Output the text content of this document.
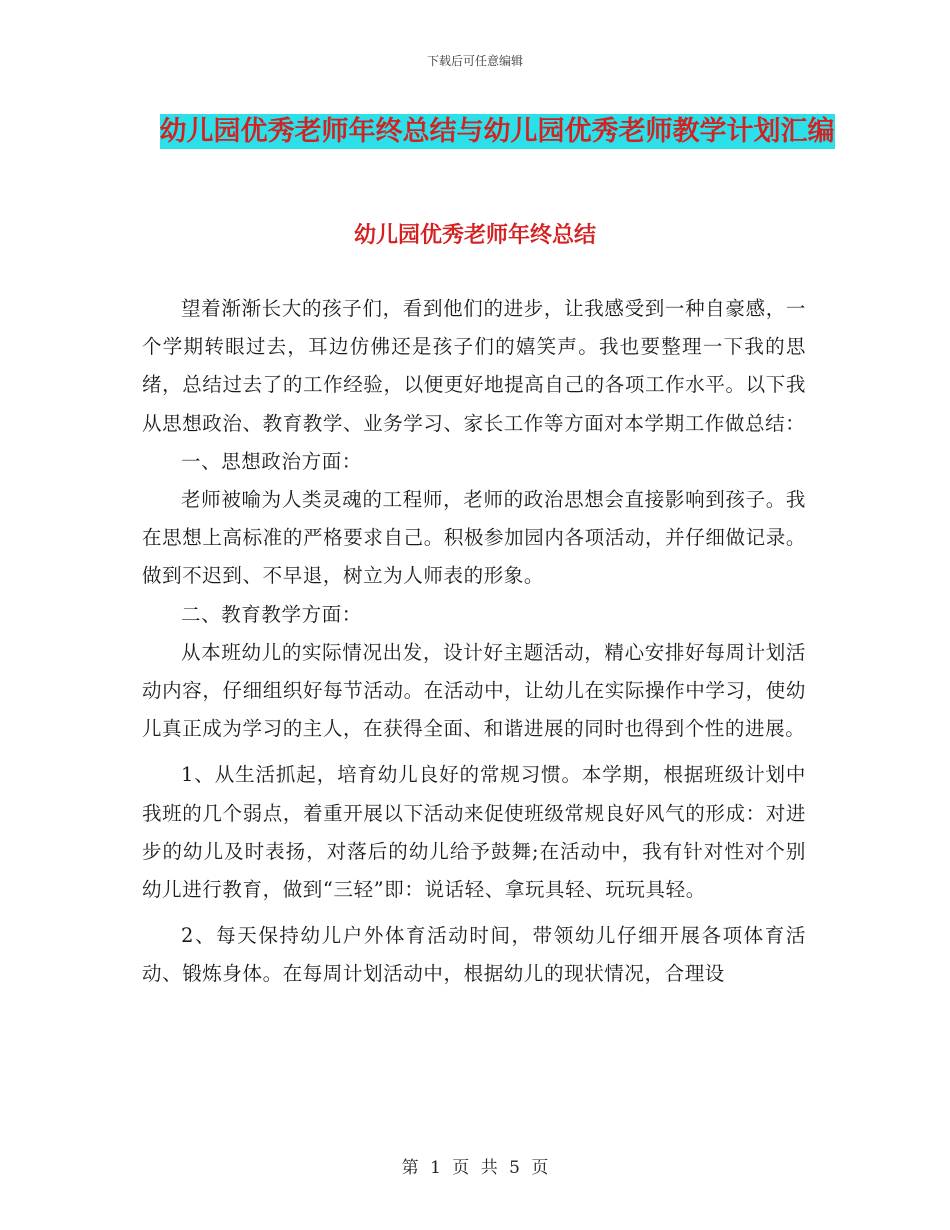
下载后可任意编辑
幼儿园优秀老师年终总结与幼儿园优秀老师教学计划汇编
幼儿园优秀老师年终总结

望着渐渐长大的孩子们，看到他们的进步，让我感受到一种自豪感，一个学期转眼过去，耳边仿佛还是孩子们的嬉笑声。我也要整理一下我的思绪，总结过去了的工作经验，以便更好地提高自己的各项工作水平。以下我从思想政治、教育教学、业务学习、家长工作等方面对本学期工作做总结：

一、思想政治方面：

老师被喻为人类灵魂的工程师，老师的政治思想会直接影响到孩子。我在思想上高标准的严格要求自己。积极参加园内各项活动，并仔细做记录。做到不迟到、不早退，树立为人师表的形象。

二、教育教学方面：

从本班幼儿的实际情况出发，设计好主题活动，精心安排好每周计划活动内容，仔细组织好每节活动。在活动中，让幼儿在实际操作中学习，使幼儿真正成为学习的主人，在获得全面、和谐进展的同时也得到个性的进展。

1、从生活抓起，培育幼儿良好的常规习惯。本学期，根据班级计划中我班的几个弱点，着重开展以下活动来促使班级常规良好风气的形成：对进步的幼儿及时表扬，对落后的幼儿给予鼓舞;在活动中，我有针对性对个别幼儿进行教育，做到“三轻”即：说话轻、拿玩具轻、玩玩具轻。

2、每天保持幼儿户外体育活动时间，带领幼儿仔细开展各项体育活动、锻炼身体。在每周计划活动中，根据幼儿的现状情况，合理设

第 1 页 共 5 页
